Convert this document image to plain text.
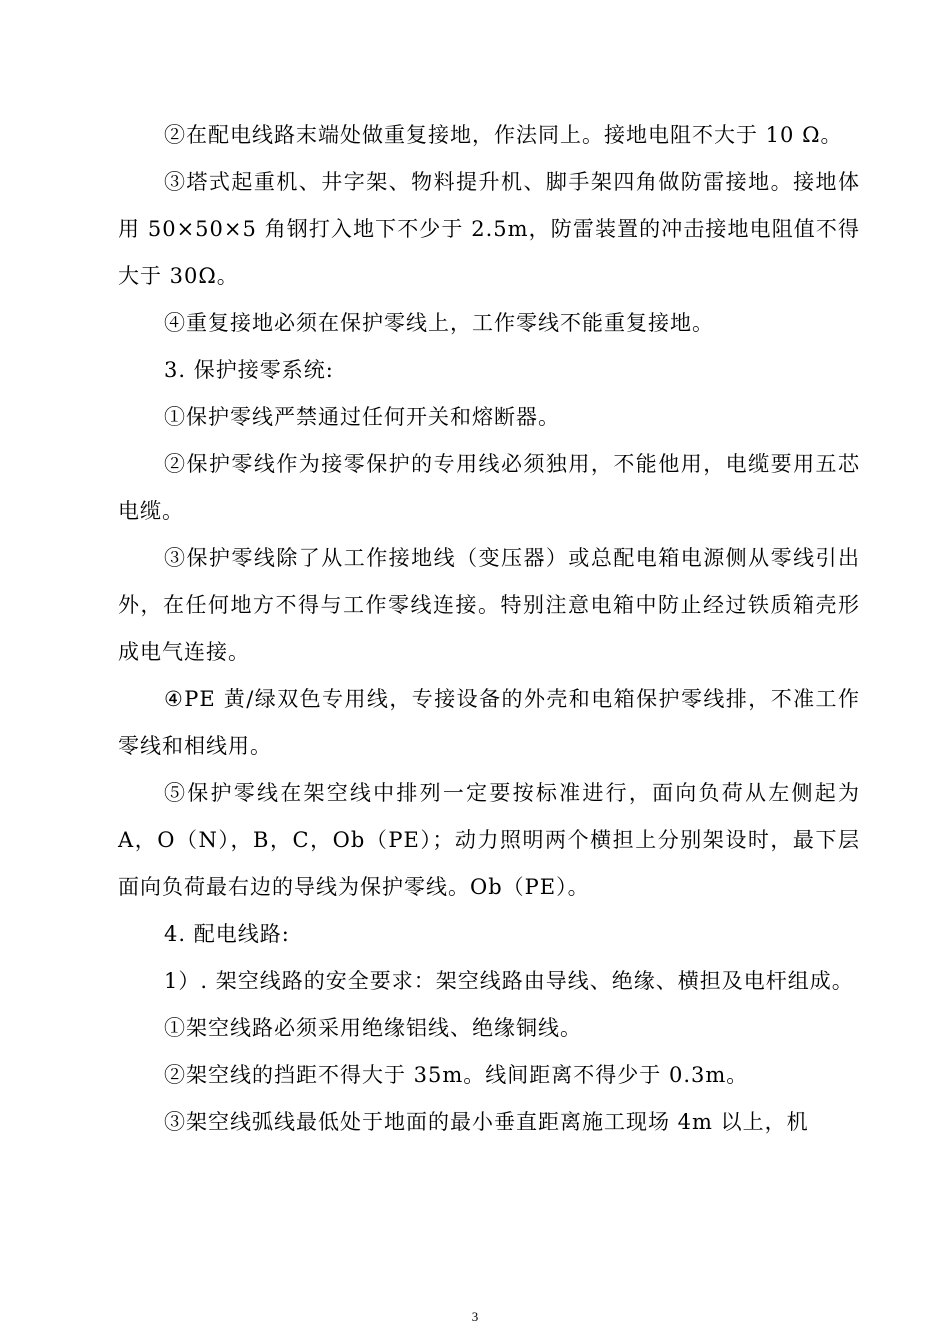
②在配电线路末端处做重复接地，作法同上。接地电阻不大于 10 Ω。

③塔式起重机、井字架、物料提升机、脚手架四角做防雷接地。接地体用 50×50×5 角钢打入地下不少于 2.5m，防雷装置的冲击接地电阻值不得大于 30Ω。

④重复接地必须在保护零线上，工作零线不能重复接地。

3. 保护接零系统:

①保护零线严禁通过任何开关和熔断器。

②保护零线作为接零保护的专用线必须独用，不能他用，电缆要用五芯电缆。

③保护零线除了从工作接地线（变压器）或总配电箱电源侧从零线引出外，在任何地方不得与工作零线连接。特别注意电箱中防止经过铁质箱壳形成电气连接。

④PE 黄/绿双色专用线，专接设备的外壳和电箱保护零线排，不准工作零线和相线用。

⑤保护零线在架空线中排列一定要按标准进行，面向负荷从左侧起为 A，O（N），B，C，Ob（PE）；动力照明两个横担上分别架设时，最下层面向负荷最右边的导线为保护零线。Ob（PE）。

4. 配电线路:

1）. 架空线路的安全要求：架空线路由导线、绝缘、横担及电杆组成。

①架空线路必须采用绝缘铝线、绝缘铜线。

②架空线的挡距不得大于 35m。线间距离不得少于 0.3m。

③架空线弧线最低处于地面的最小垂直距离施工现场 4m 以上，机

3
